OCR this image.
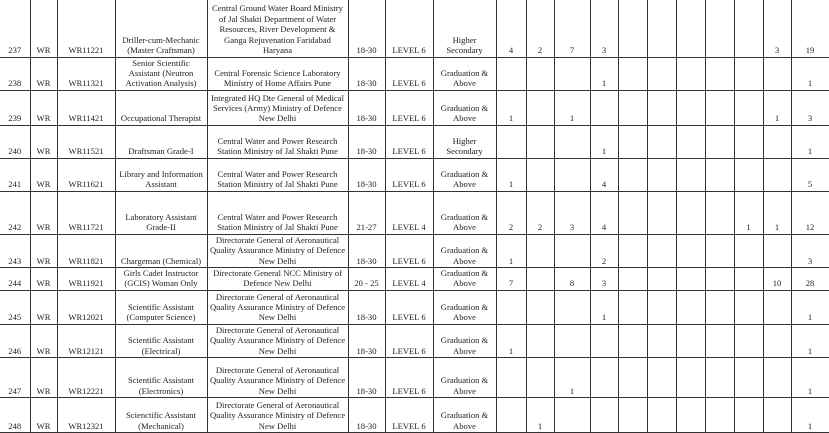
237	WR	WR11221	Driller-cum-Mechanic (Master Craftsman)	Central Ground Water Board Ministry of Jal Shakti Department of Water Resources, River Development & Ganga Rejuvenation Faridabad Haryana	18-30	LEVEL 6	Higher Secondary	4	2	7	3						3	19
238	WR	WR11321	Senior Scientific Assistant (Neutron Activation Analysis)	Central Forensic Science Laboratory Ministry of Home Affairs Pune	18-30	LEVEL 6	Graduation & Above				1							1
239	WR	WR11421	Occupational Therapist	Integrated HQ Dte General of Medical Services (Army) Ministry of Defence New Delhi	18-30	LEVEL 6	Graduation & Above	1		1							1	3
240	WR	WR11521	Draftsman Grade-I	Central Water and Power Research Station Ministry of Jal Shakti Pune	18-30	LEVEL 6	Higher Secondary				1							1
241	WR	WR11621	Library and Information Assistant	Central Water and Power Research Station Ministry of Jal Shakti Pune	18-30	LEVEL 6	Graduation & Above	1			4							5
242	WR	WR11721	Laboratory Assistant Grade-II	Central Water and Power Research Station Ministry of Jal Shakti Pune	21-27	LEVEL 4	Graduation & Above	2	2	3	4					1	1	12
243	WR	WR11821	Chargeman (Chemical)	Directorate General of Aeronautical Quality Assurance Ministry of Defence New Delhi	18-30	LEVEL 6	Graduation & Above	1			2							3
244	WR	WR11921	Girls Cadet Instructor (GCIS) Woman Only	Directorate General NCC Ministry of Defence New Delhi	20 - 25	LEVEL 4	Graduation & Above	7		8	3						10	28
245	WR	WR12021	Scientific Assistant (Computer Science)	Directorate General of Aeronautical Quality Assurance Ministry of Defence New Delhi	18-30	LEVEL 6	Graduation & Above				1							1
246	WR	WR12121	Scientific Assistant (Electrical)	Directorate General of Aeronautical Quality Assurance Ministry of Defence New Delhi	18-30	LEVEL 6	Graduation & Above	1										1
247	WR	WR12221	Scientific Assistant (Electronics)	Directorate General of Aeronautical Quality Assurance Ministry of Defence New Delhi	18-30	LEVEL 6	Graduation & Above			1								1
248	WR	WR12321	Scienctific Assistant (Mechanical)	Directorate General of Aeronautical Quality Assurance Ministry of Defence New Delhi	18-30	LEVEL 6	Graduation & Above		1									1
